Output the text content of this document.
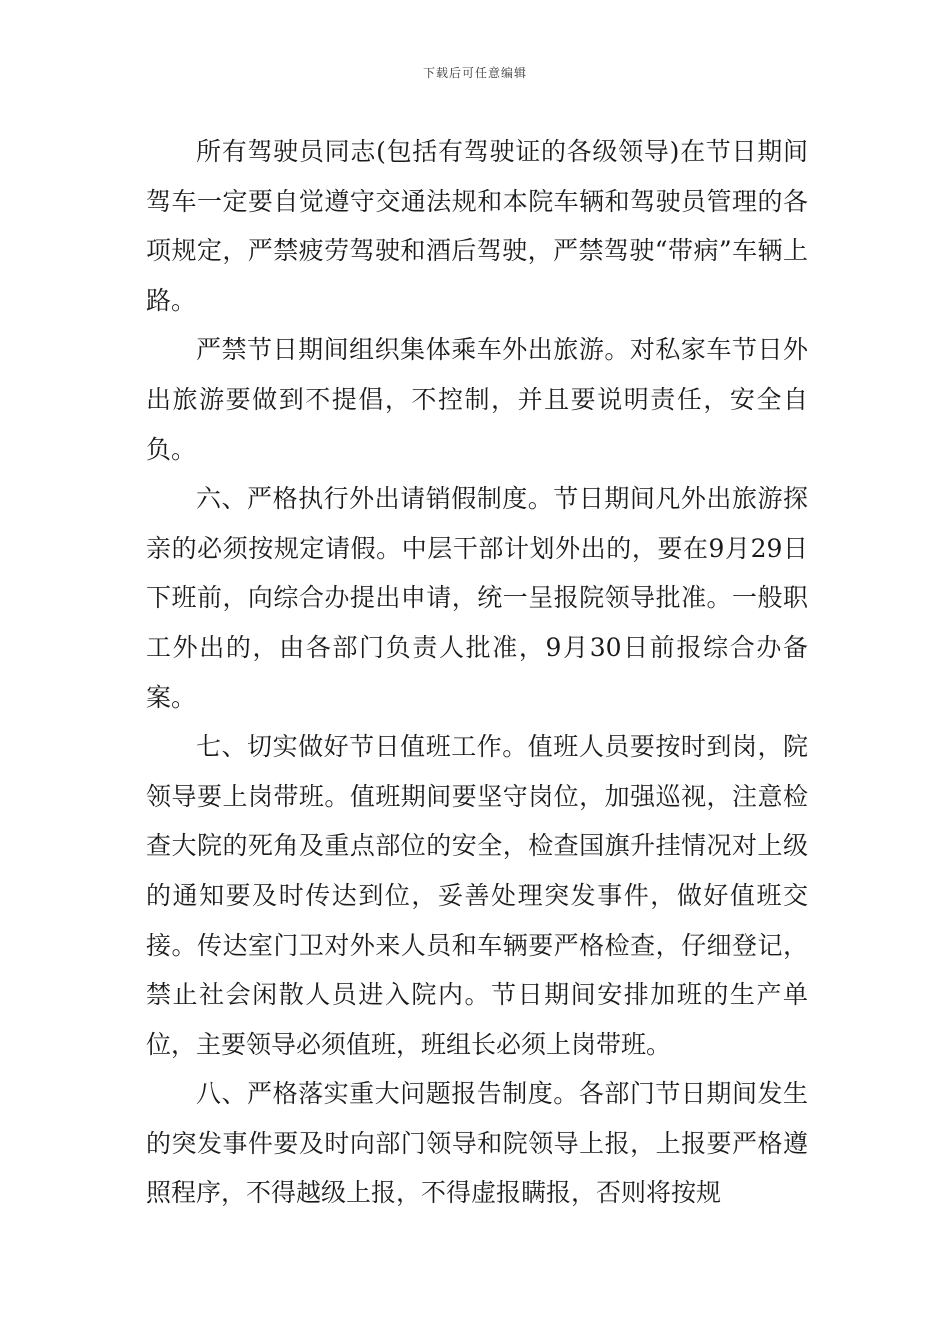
下载后可任意编辑

所有驾驶员同志(包括有驾驶证的各级领导)在节日期间驾车一定要自觉遵守交通法规和本院车辆和驾驶员管理的各项规定，严禁疲劳驾驶和酒后驾驶，严禁驾驶“带病”车辆上路。

严禁节日期间组织集体乘车外出旅游。对私家车节日外出旅游要做到不提倡，不控制，并且要说明责任，安全自负。

六、严格执行外出请销假制度。节日期间凡外出旅游探亲的必须按规定请假。中层干部计划外出的，要在9月29日下班前，向综合办提出申请，统一呈报院领导批准。一般职工外出的，由各部门负责人批准，9月30日前报综合办备案。

七、切实做好节日值班工作。值班人员要按时到岗，院领导要上岗带班。值班期间要坚守岗位，加强巡视，注意检查大院的死角及重点部位的安全，检查国旗升挂情况对上级的通知要及时传达到位，妥善处理突发事件，做好值班交接。传达室门卫对外来人员和车辆要严格检查，仔细登记，禁止社会闲散人员进入院内。节日期间安排加班的生产单位，主要领导必须值班，班组长必须上岗带班。

八、严格落实重大问题报告制度。各部门节日期间发生的突发事件要及时向部门领导和院领导上报，上报要严格遵照程序，不得越级上报，不得虚报瞒报，否则将按规
